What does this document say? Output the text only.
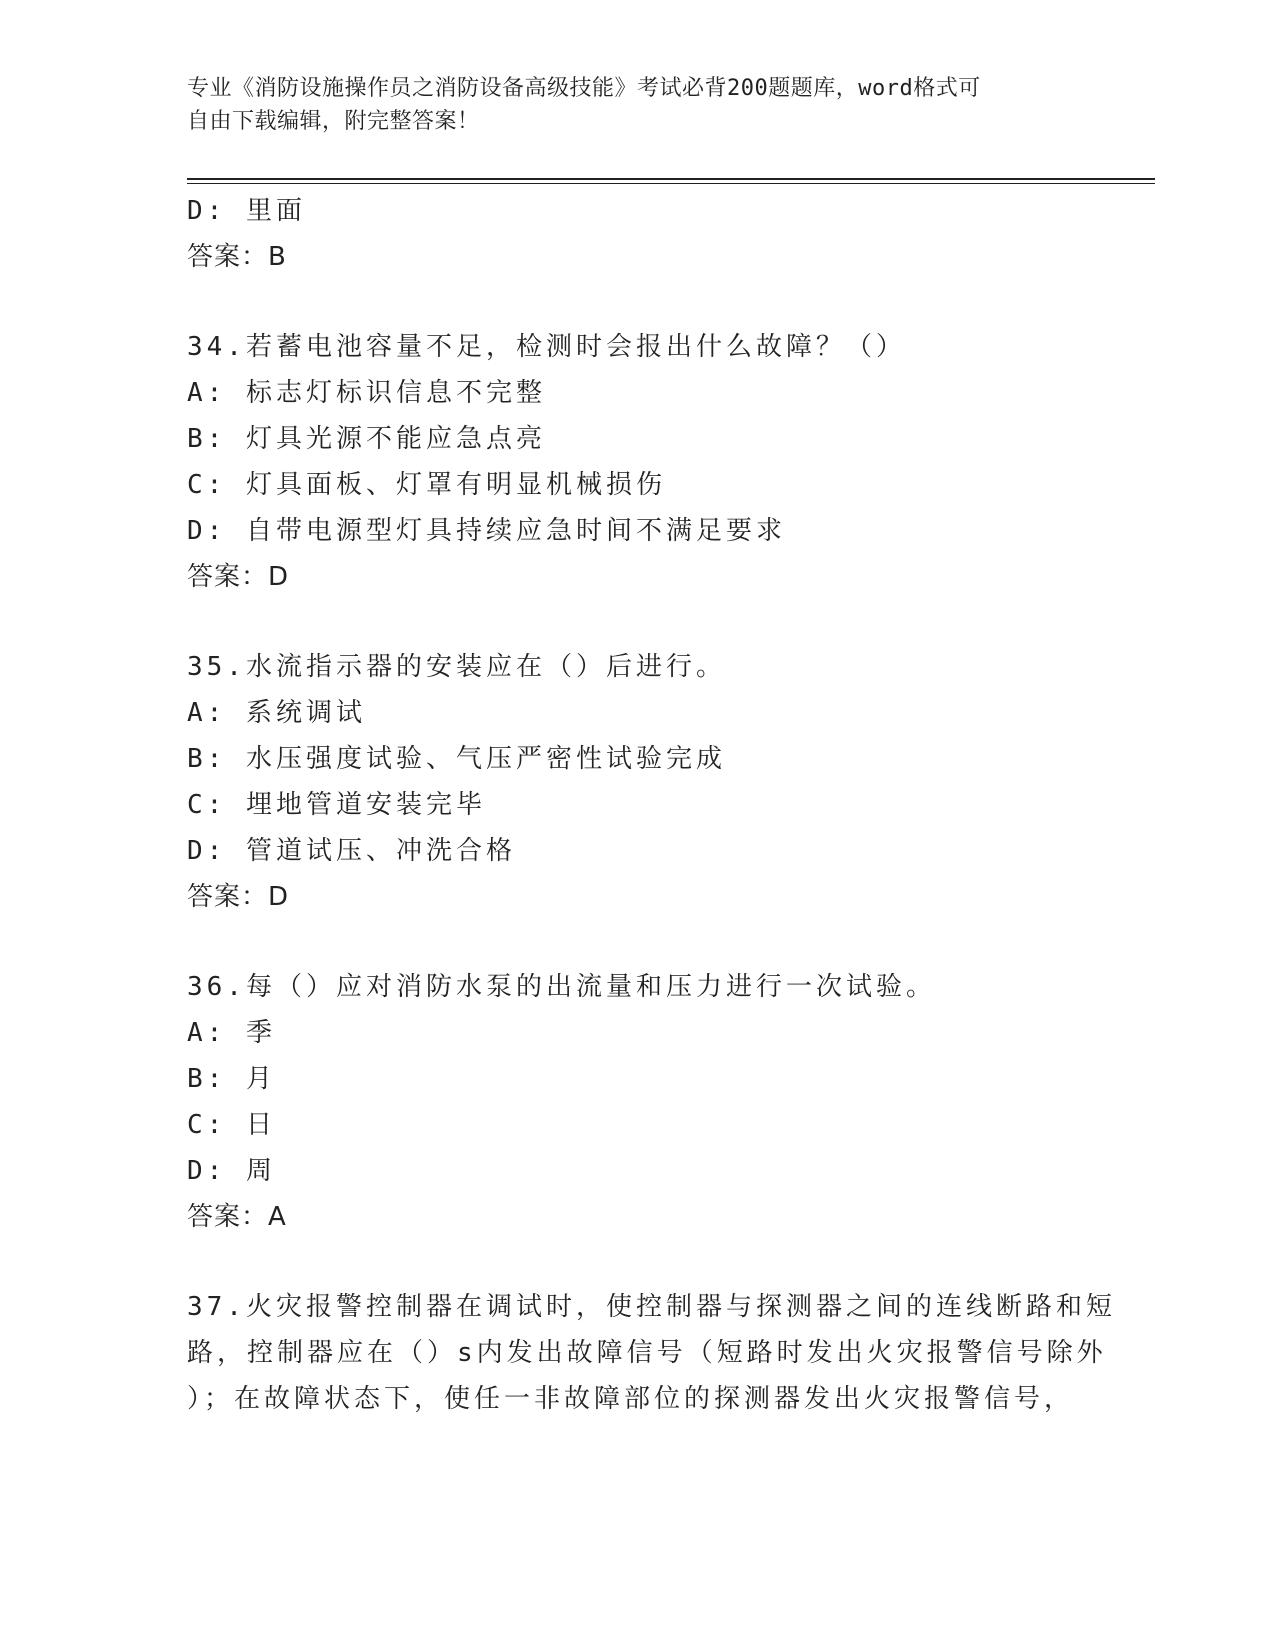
专业《消防设施操作员之消防设备高级技能》考试必背200题题库，word格式可
自由下载编辑，附完整答案！
D: 里面
答案：B
34.若蓄电池容量不足，检测时会报出什么故障？（）
A: 标志灯标识信息不完整
B: 灯具光源不能应急点亮
C: 灯具面板、灯罩有明显机械损伤
D: 自带电源型灯具持续应急时间不满足要求
答案：D
35.水流指示器的安装应在（）后进行。
A: 系统调试
B: 水压强度试验、气压严密性试验完成
C: 埋地管道安装完毕
D: 管道试压、冲洗合格
答案：D
36.每（）应对消防水泵的出流量和压力进行一次试验。
A: 季
B: 月
C: 日
D: 周
答案：A
37.火灾报警控制器在调试时，使控制器与探测器之间的连线断路和短
路，控制器应在（）s内发出故障信号（短路时发出火灾报警信号除外
）；在故障状态下，使任一非故障部位的探测器发出火灾报警信号，
